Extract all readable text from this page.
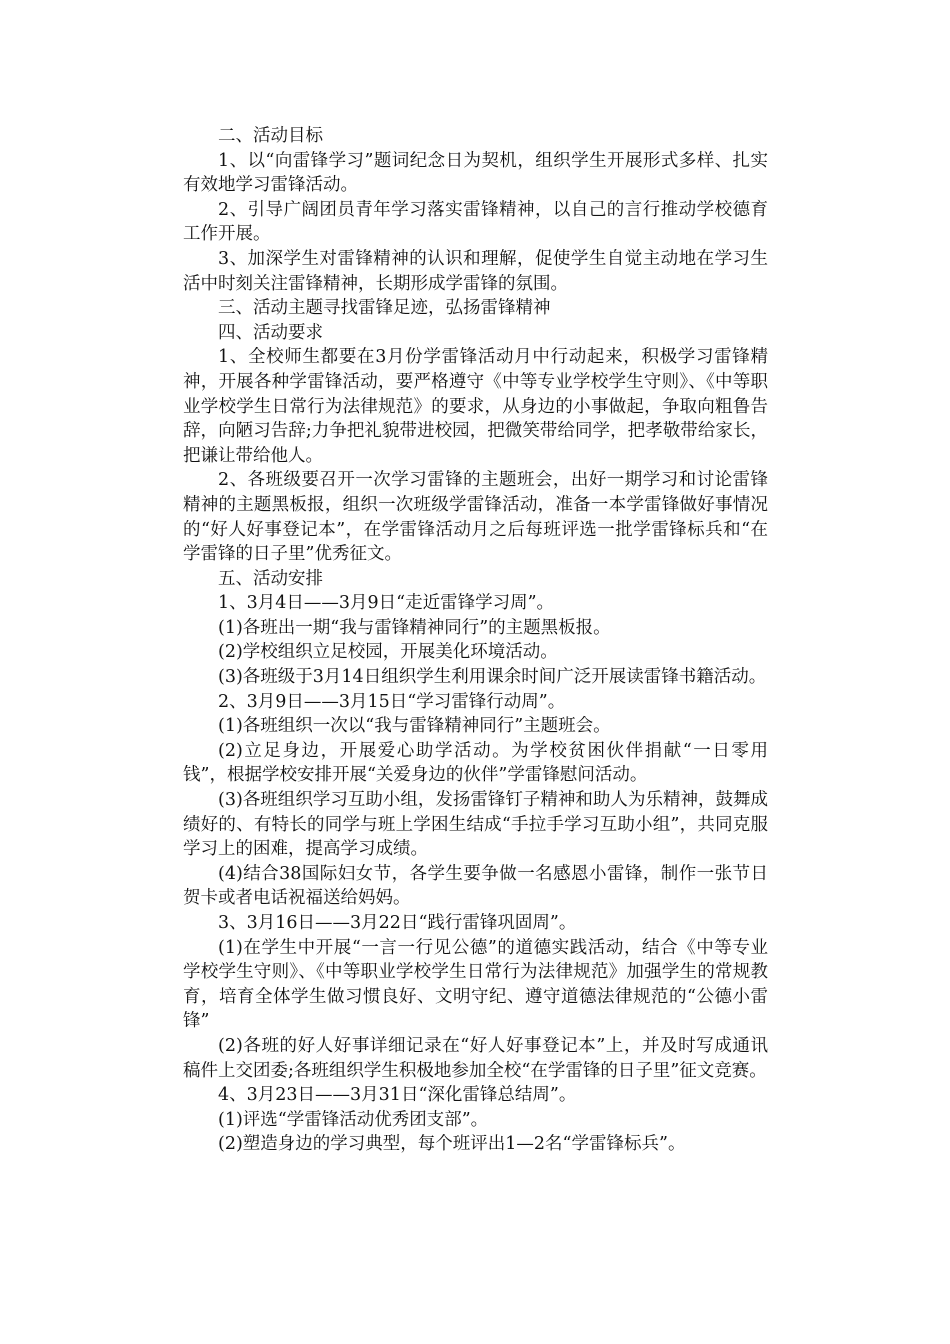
二、活动目标

1、以“向雷锋学习”题词纪念日为契机，组织学生开展形式多样、扎实有效地学习雷锋活动。

2、引导广阔团员青年学习落实雷锋精神，以自己的言行推动学校德育工作开展。

3、加深学生对雷锋精神的认识和理解，促使学生自觉主动地在学习生活中时刻关注雷锋精神，长期形成学雷锋的氛围。

三、活动主题寻找雷锋足迹，弘扬雷锋精神

四、活动要求

1、全校师生都要在3月份学雷锋活动月中行动起来，积极学习雷锋精神，开展各种学雷锋活动，要严格遵守《中等专业学校学生守则》、《中等职业学校学生日常行为法律规范》的要求，从身边的小事做起，争取向粗鲁告辞，向陋习告辞;力争把礼貌带进校园，把微笑带给同学，把孝敬带给家长，把谦让带给他人。

2、各班级要召开一次学习雷锋的主题班会，出好一期学习和讨论雷锋精神的主题黑板报，组织一次班级学雷锋活动，准备一本学雷锋做好事情况的“好人好事登记本”，在学雷锋活动月之后每班评选一批学雷锋标兵和“在学雷锋的日子里”优秀征文。

五、活动安排

1、3月4日——3月9日“走近雷锋学习周”。

(1)各班出一期“我与雷锋精神同行”的主题黑板报。

(2)学校组织立足校园，开展美化环境活动。

(3)各班级于3月14日组织学生利用课余时间广泛开展读雷锋书籍活动。

2、3月9日——3月15日“学习雷锋行动周”。

(1)各班组织一次以“我与雷锋精神同行”主题班会。

(2)立足身边，开展爱心助学活动。为学校贫困伙伴捐献“一日零用钱”，根据学校安排开展“关爱身边的伙伴”学雷锋慰问活动。

(3)各班组织学习互助小组，发扬雷锋钉子精神和助人为乐精神，鼓舞成绩好的、有特长的同学与班上学困生结成“手拉手学习互助小组”，共同克服学习上的困难，提高学习成绩。

(4)结合38国际妇女节，各学生要争做一名感恩小雷锋，制作一张节日贺卡或者电话祝福送给妈妈。

3、3月16日——3月22日“践行雷锋巩固周”。

(1)在学生中开展“一言一行见公德”的道德实践活动，结合《中等专业学校学生守则》、《中等职业学校学生日常行为法律规范》加强学生的常规教育，培育全体学生做习惯良好、文明守纪、遵守道德法律规范的“公德小雷锋”

(2)各班的好人好事详细记录在“好人好事登记本”上，并及时写成通讯稿件上交团委;各班组织学生积极地参加全校“在学雷锋的日子里”征文竞赛。

4、3月23日——3月31日“深化雷锋总结周”。

(1)评选“学雷锋活动优秀团支部”。

(2)塑造身边的学习典型，每个班评出1—2名“学雷锋标兵”。
